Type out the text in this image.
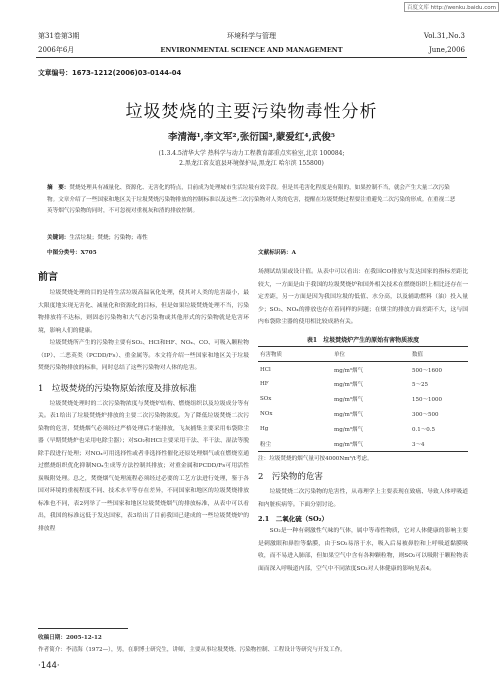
百度文库 http://wenku.baidu.com
第31卷第3期
2006年6月
环境科学与管理
ENVIRONMENTAL SCIENCE AND MANAGEMENT
Vol.31,No.3
June,2006
文章编号：1673-1212(2006)03-0144-04
垃圾焚烧的主要污染物毒性分析
李清海¹,李文军²,张衍国³,蒙爱红⁴,武俊⁵
(1.3.4.5清华大学 热科学与动力工程教育部重点实验室,北京 100084;
2.黑龙江省友谊县环境保护局,黑龙江 哈尔滨 155800)
摘　要：焚烧处理具有减量化、资源化、无害化的特点，目前成为处理城市生活垃圾有效手段。但是其毛害化程度是有限的，如果控制不当，就会产生大量二次污染物。文章介绍了一些国家和地区关于垃圾焚烧污染物排放的控制标准以及这些二次污染物对人类的危害，提醒在垃圾焚烧过程要注重避免二次污染的形成。在重视二恶英等烟气污染物的同时，不可忽视对重视灰和渣的排放控制。
关键词：生活垃圾；焚烧；污染物；毒性
中图分类号：X705	文献标识码：A
前言
垃圾焚烧处理的目的是将生活垃圾高温氧化处理，使其对人类的危害最小，最大限度地实现无害化、减量化和资源化的目标，但是如果垃圾焚烧处理不当，污染物排放将不达标，则固态污染物和大气态污染物或其他形式的污染物就是危害环境，影响人们的健康。
垃圾焚烧所产生的污染物主要有SO₂、HCl和HF、NOₓ、CO、可吸入颗粒物（IP）、二恶英类（PCDD/Fs）、重金属等。本文将介绍一些国家和地区关于垃圾焚烧污染物排放的标准，同时总结了这些污染物对人体的危害。
1　垃圾焚烧的污染物原始浓度及排放标准
垃圾焚烧处理时的二次污染物浓度与焚烧炉结构、燃烧组织以及垃圾成分等有关。表1给出了垃圾焚烧炉排放的主要二次污染物浓度。为了降低垃圾焚烧二次污染物的危害，焚烧烟气必须经过严格处理后才能排放，飞灰捕集主要采用布袋除尘器（早期焚烧炉也采用电除尘器）；对SO₂和HCl主要采用干法、半干法、湿法等脱除手段进行处理；对NOₓ可用选择性或者非选择性催化还原处理烟气或在燃烧室通过燃烧组织优化抑制NOₓ生成等方法控制其排放；对重金属和PCDD/Fs可用活性炭吸附处理。总之，焚烧烟气处理流程必须经过必要的工艺方法进行处理，鉴于各国对环境的重视程度不同、技术水平等存在差异，不同国家和地区的垃圾焚烧排放标准也不同，表2列举了一些国家和地区垃圾焚烧烟气的排放标准，从表中可以看出，我国的标准远低于发达国家，表3给出了目前我国已建成的一些垃圾焚烧炉的排放程
场测试结果或设计值。从表中可以看出：在我国CO排放与发达国家的指标差距比较大，一方面是由于我国的垃圾焚烧炉和国外相关技术在燃烧组织上相比还存在一定差距，另一方面是因为我国垃圾的低值、水分高，以及辅助燃料（油）投入量少；SO₂、NOₓ的排放也存在着同样的问题；在烟尘的排放方面差距不大，这与国内布袋除尘器的使用相比较成熟有关。
表1　垃圾焚烧炉产生的原始有害物质浓度
有害物质	单位	数值
HCl	mg/m³烟气	500～1600
HF	mg/m³烟气	5～25
SOx	mg/m³烟气	150～1000
NOx	mg/m³烟气	300～500
Hg	mg/m³烟气	0.1～0.5
粉尘	mg/m³烟气	3～4
注：垃圾焚烧的烟气量可按4000Nm³/t考虑。
2　污染物的危害
垃圾焚烧二次污染物的危害性，从毒理学上主要表现在致癌、导致人体呼吸道和内脏疾病等。下面分别讨论。
2.1　二氧化硫（SO₂）
SO₂是一种有刺激性气味的气体，属中等毒性物质，它对人体健康的影响主要是刺激眼和鼻腔等黏膜，由于SO₂易溶于水，吸入后易被鼻腔和上呼吸道黏膜吸收，而不易进入肺部，但如果空气中含有各种颗粒物，则SO₂可以吸附于颗粒物表面而深入呼吸道内部，空气中不同浓度SO₂对人体健康的影响见表4。
收稿日期：2005-12-12
作者简介：李清海（1972—），男，在职博士研究生，讲师，主要从事垃圾焚烧、污染物控制、工程设计等研究与开发工作。
·144·
